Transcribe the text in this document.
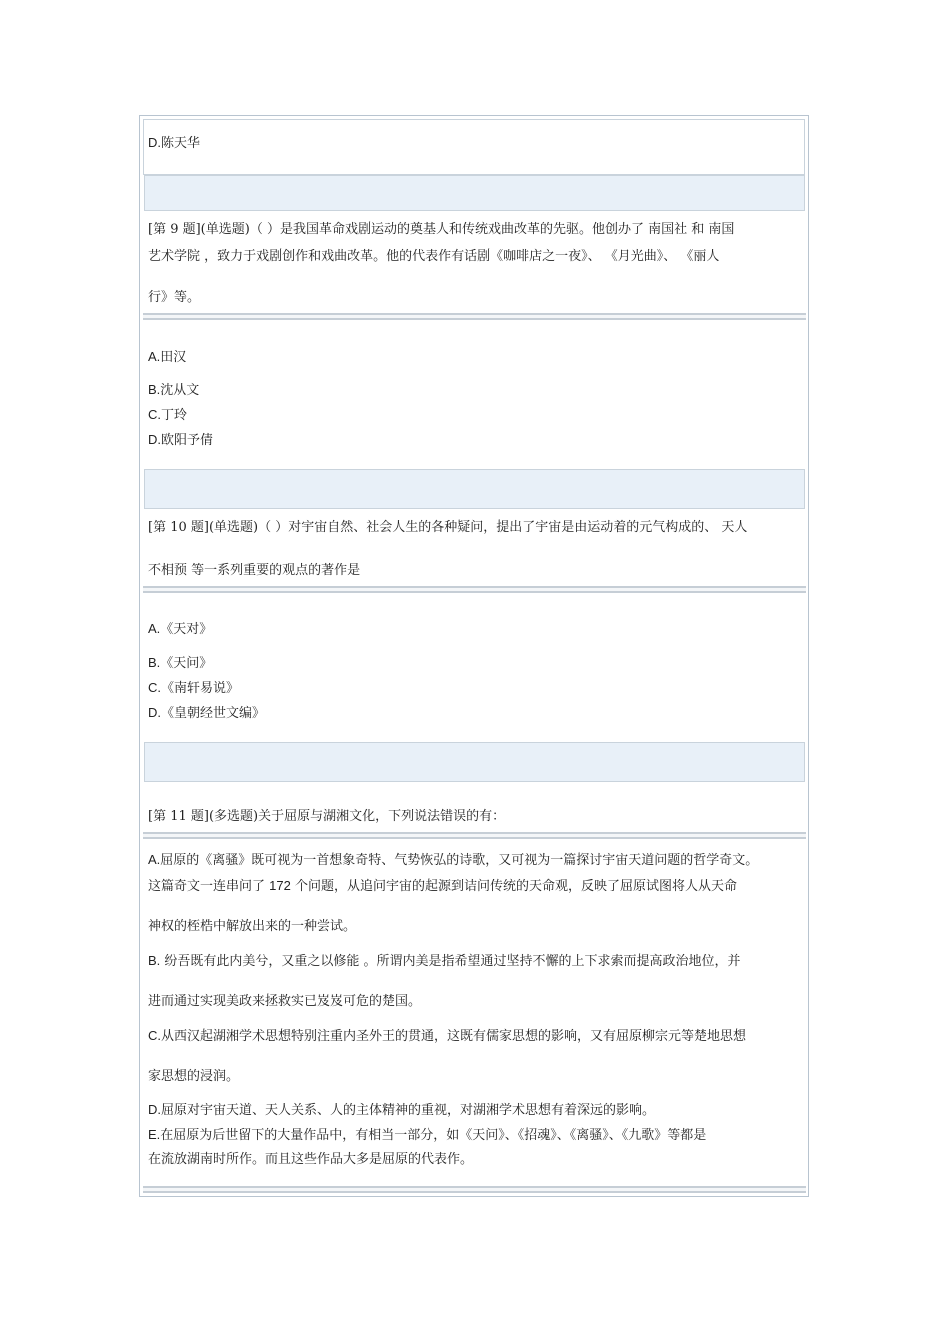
D.陈天华
[第 9 题](单选题)（ ）是我国革命戏剧运动的奠基人和传统戏曲改革的先驱。他创办了 南国社 和 南国
艺术学院 ，致力于戏剧创作和戏曲改革。他的代表作有话剧《咖啡店之一夜》、 《月光曲》、 《丽人
行》等。
A.田汉
B.沈从文
C.丁玲
D.欧阳予倩
[第 10 题](单选题)（ ）对宇宙自然、社会人生的各种疑问，提出了宇宙是由运动着的元气构成的、 天人
不相预 等一系列重要的观点的著作是
A.《天对》
B.《天问》
C.《南轩易说》
D.《皇朝经世文编》
[第 11 题](多选题)关于屈原与湖湘文化，下列说法错误的有：
A.屈原的《离骚》既可视为一首想象奇特、气势恢弘的诗歌，又可视为一篇探讨宇宙天道问题的哲学奇文。
这篇奇文一连串问了 172 个问题，从追问宇宙的起源到诘问传统的天命观，反映了屈原试图将人从天命
神权的桎梏中解放出来的一种尝试。
B. 纷吾既有此内美兮，又重之以修能 。所谓内美是指希望通过坚持不懈的上下求索而提高政治地位，并
进而通过实现美政来拯救实已岌岌可危的楚国。
C.从西汉起湖湘学术思想特别注重内圣外王的贯通，这既有儒家思想的影响，又有屈原柳宗元等楚地思想
家思想的浸润。
D.屈原对宇宙天道、天人关系、人的主体精神的重视，对湖湘学术思想有着深远的影响。
E.在屈原为后世留下的大量作品中，有相当一部分，如《天问》、《招魂》、《离骚》、《九歌》等都是
在流放湖南时所作。而且这些作品大多是屈原的代表作。
